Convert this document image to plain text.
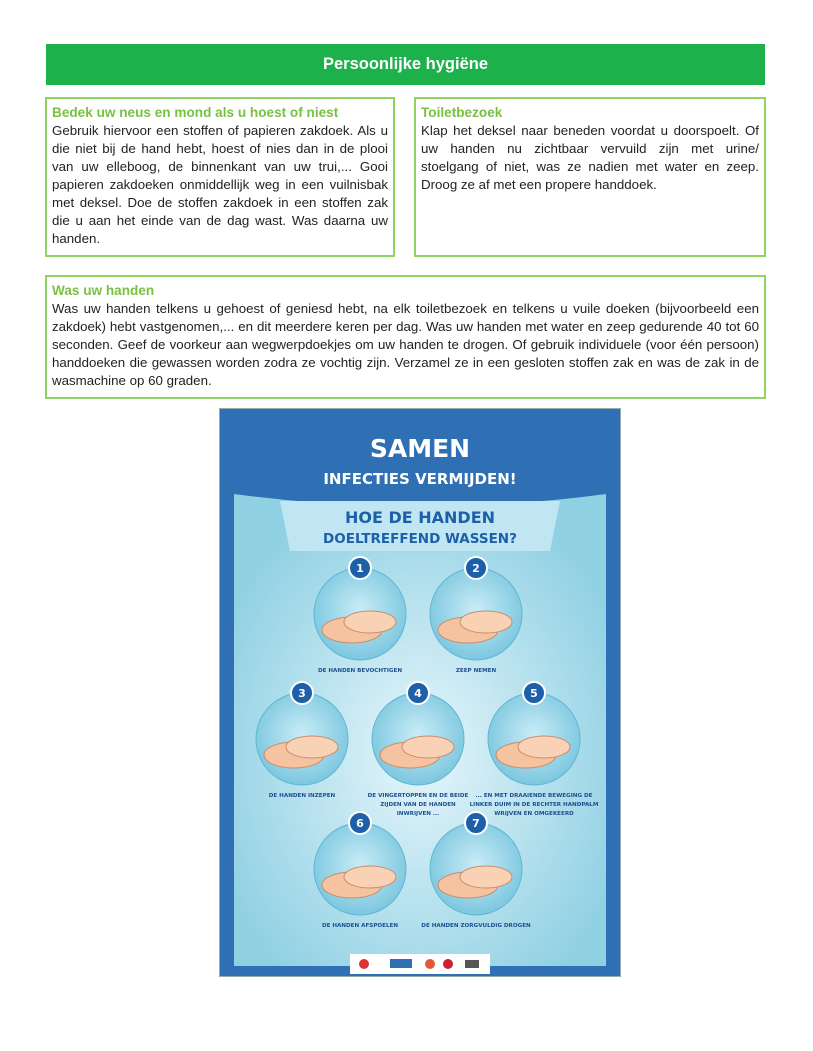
Persoonlijke hygiëne
Bedek uw neus en mond als u hoest of niest

Gebruik hiervoor een stoffen of papieren zakdoek. Als u die niet bij de hand hebt, hoest of nies dan in de plooi van uw elleboog, de binnenkant van uw trui,... Gooi papieren zakdoeken onmiddellijk weg in een vuilnisbak met deksel. Doe de stoffen zakdoek in een stoffen zak die u aan het einde van de dag wast. Was daarna uw handen.

Toiletbezoek

Klap het deksel naar beneden voordat u doorspoelt. Of uw handen nu zichtbaar vervuild zijn met urine/ stoelgang of niet, was ze nadien met water en zeep. Droog ze af met een propere handdoek.

Was uw handen

Was uw handen telkens u gehoest of geniesd hebt, na elk toiletbezoek en telkens u vuile doeken (bijvoorbeeld een zakdoek) hebt vastgenomen,... en dit meerdere keren per dag. Was uw handen met water en zeep gedurende 40 tot 60 seconden. Geef de voorkeur aan wegwerpdoekjes om uw handen te drogen. Of gebruik individuele (voor één persoon) handdoeken die gewassen worden zodra ze vochtig zijn. Verzamel ze in een gesloten stoffen zak en was de zak in de wasmachine op 60 graden.

SAMEN
INFECTIES VERMIJDEN!
HOE DE HANDEN
DOELTREFFEND WASSEN?
1
DE HANDEN BEVOCHTIGEN
2
ZEEP NEMEN
3
DE HANDEN INZEPEN
4
DE VINGERTOPPEN EN DE BEIDE
ZIJDEN VAN DE HANDEN
INWRIJVEN ...
5
... EN MET DRAAIENDE BEWEGING DE
LINKER DUIM IN DE RECHTER HANDPALM
WRIJVEN EN OMGEKEERD
6
DE HANDEN AFSPOELEN
7
DE HANDEN ZORGVULDIG DROGEN
